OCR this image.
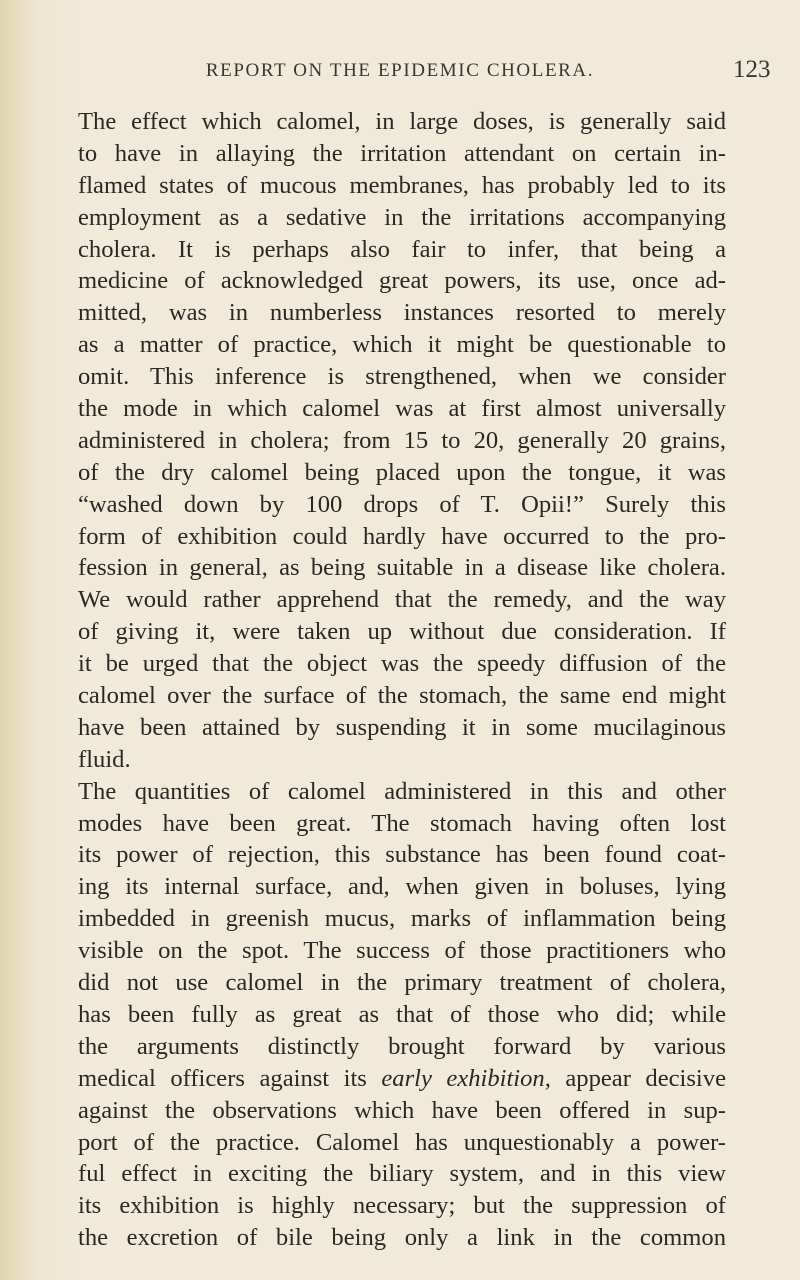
REPORT ON THE EPIDEMIC CHOLERA.	123
The effect which calomel, in large doses, is generally said
to have in allaying the irritation attendant on certain in-
flamed states of mucous membranes, has probably led to its
employment as a sedative in the irritations accompanying
cholera. It is perhaps also fair to infer, that being a
medicine of acknowledged great powers, its use, once ad-
mitted, was in numberless instances resorted to merely
as a matter of practice, which it might be questionable to
omit. This inference is strengthened, when we consider
the mode in which calomel was at first almost universally
administered in cholera; from 15 to 20, generally 20 grains,
of the dry calomel being placed upon the tongue, it was
“washed down by 100 drops of T. Opii!” Surely this
form of exhibition could hardly have occurred to the pro-
fession in general, as being suitable in a disease like cholera.
We would rather apprehend that the remedy, and the way
of giving it, were taken up without due consideration. If
it be urged that the object was the speedy diffusion of the
calomel over the surface of the stomach, the same end might
have been attained by suspending it in some mucilaginous
fluid.
The quantities of calomel administered in this and other
modes have been great. The stomach having often lost
its power of rejection, this substance has been found coat-
ing its internal surface, and, when given in boluses, lying
imbedded in greenish mucus, marks of inflammation being
visible on the spot. The success of those practitioners who
did not use calomel in the primary treatment of cholera,
has been fully as great as that of those who did; while
the arguments distinctly brought forward by various
medical officers against its early exhibition, appear decisive
against the observations which have been offered in sup-
port of the practice. Calomel has unquestionably a power-
ful effect in exciting the biliary system, and in this view
its exhibition is highly necessary; but the suppression of
the excretion of bile being only a link in the common
